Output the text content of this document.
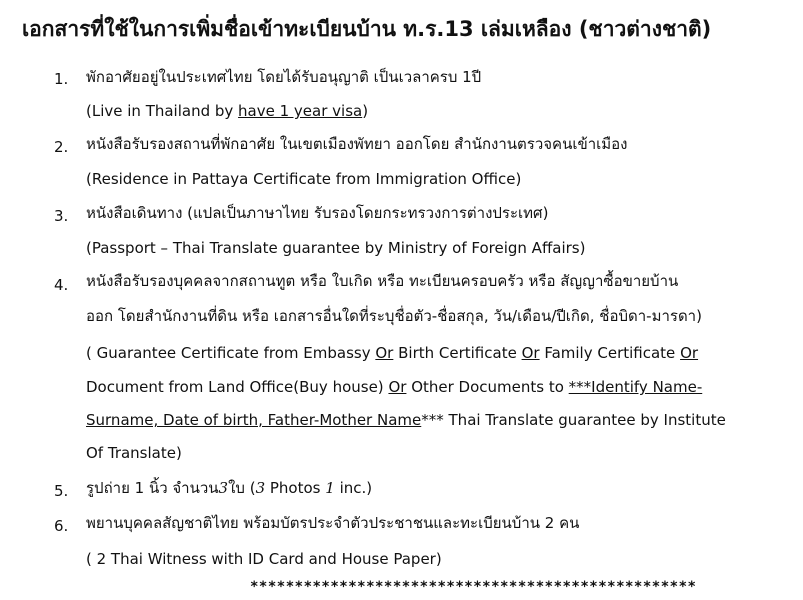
เอกสารที่ใช้ในการเพิ่มชื่อเข้าทะเบียนบ้าน ท.ร.13 เล่มเหลือง (ชาวต่างชาติ)
1. พักอาศัยอยู่ในประเทศไทย โดยได้รับอนุญาติ เป็นเวลาครบ 1ปี
(Live in Thailand by have 1 year visa)
2. หนังสือรับรองสถานที่พักอาศัย ในเขตเมืองพัทยา ออกโดย สำนักงานตรวจคนเข้าเมือง
(Residence in Pattaya Certificate from Immigration Office)
3. หนังสือเดินทาง (แปลเป็นภาษาไทย รับรองโดยกระทรวงการต่างประเทศ)
(Passport – Thai Translate guarantee by Ministry of Foreign Affairs)
4. หนังสือรับรองบุคคลจากสถานทูต หรือ ใบเกิด หรือ ทะเบียนครอบครัว หรือ สัญญาซื้อขายบ้าน
ออก โดยสำนักงานที่ดิน หรือ เอกสารอื่นใดที่ระบุชื่อตัว-ชื่อสกุล, วัน/เดือน/ปีเกิด, ชื่อบิดา-มารดา)
( Guarantee Certificate from Embassy Or Birth Certificate Or Family Certificate Or
Document from Land Office(Buy house) Or Other Documents to ***Identify Name-
Surname, Date of birth, Father-Mother Name*** Thai Translate guarantee by Institute
Of Translate)
5. รูปถ่าย 1 นิ้ว จำนวน3ใบ (3 Photos 1 inc.)
6. พยานบุคคลสัญชาติไทย พร้อมบัตรประจำตัวประชาชนและทะเบียนบ้าน 2 คน
( 2 Thai Witness with ID Card and House Paper)
**************************************************
